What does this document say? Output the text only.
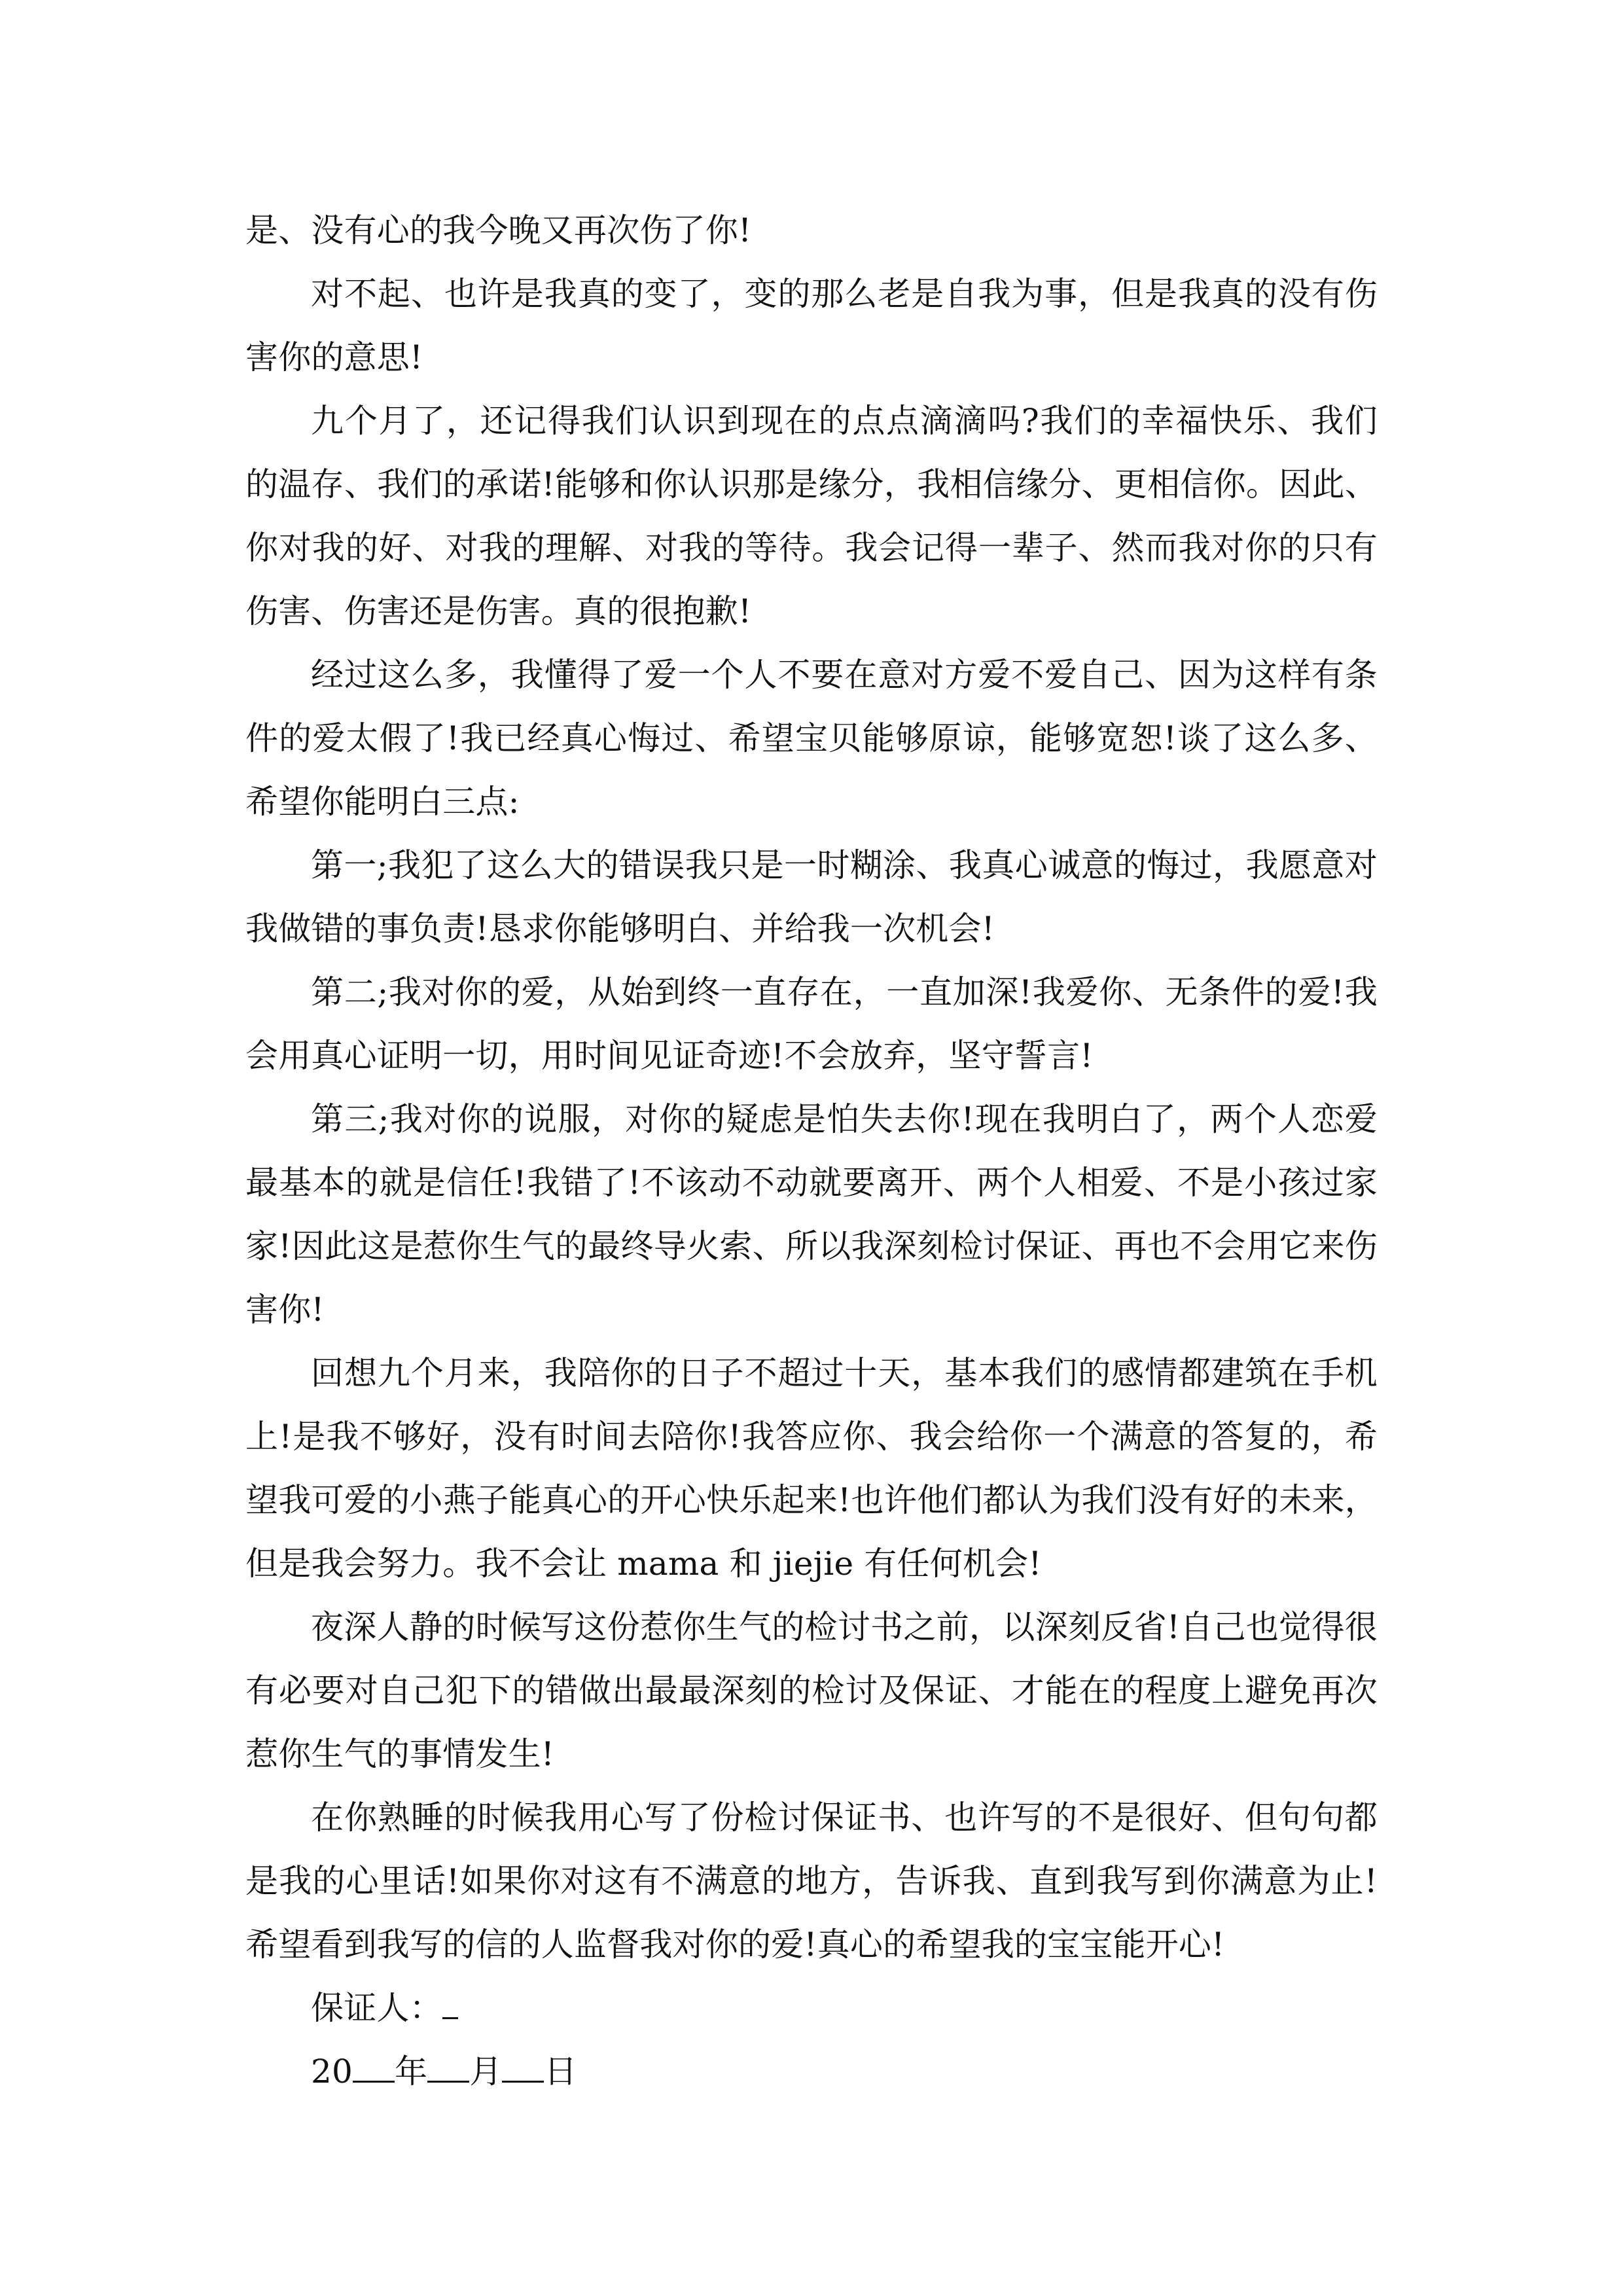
是、没有心的我今晚又再次伤了你!

对不起、也许是我真的变了，变的那么老是自我为事，但是我真的没有伤害你的意思!

九个月了，还记得我们认识到现在的点点滴滴吗?我们的幸福快乐、我们的温存、我们的承诺!能够和你认识那是缘分，我相信缘分、更相信你。因此、你对我的好、对我的理解、对我的等待。我会记得一辈子、然而我对你的只有伤害、伤害还是伤害。真的很抱歉!

经过这么多，我懂得了爱一个人不要在意对方爱不爱自己、因为这样有条件的爱太假了!我已经真心悔过、希望宝贝能够原谅，能够宽恕!谈了这么多、希望你能明白三点:

第一;我犯了这么大的错误我只是一时糊涂、我真心诚意的悔过，我愿意对我做错的事负责!恳求你能够明白、并给我一次机会!

第二;我对你的爱，从始到终一直存在，一直加深!我爱你、无条件的爱!我会用真心证明一切，用时间见证奇迹!不会放弃，坚守誓言!

第三;我对你的说服，对你的疑虑是怕失去你!现在我明白了，两个人恋爱最基本的就是信任!我错了!不该动不动就要离开、两个人相爱、不是小孩过家家!因此这是惹你生气的最终导火索、所以我深刻检讨保证、再也不会用它来伤害你!

回想九个月来，我陪你的日子不超过十天，基本我们的感情都建筑在手机上!是我不够好，没有时间去陪你!我答应你、我会给你一个满意的答复的，希望我可爱的小燕子能真心的开心快乐起来!也许他们都认为我们没有好的未来，但是我会努力。我不会让 mama 和 jiejie 有任何机会!

夜深人静的时候写这份惹你生气的检讨书之前，以深刻反省!自己也觉得很有必要对自己犯下的错做出最最深刻的检讨及保证、才能在的程度上避免再次惹你生气的事情发生!

在你熟睡的时候我用心写了份检讨保证书、也许写的不是很好、但句句都是我的心里话!如果你对这有不满意的地方，告诉我、直到我写到你满意为止!希望看到我写的信的人监督我对你的爱!真心的希望我的宝宝能开心!

保证人：

20 年 月 日
